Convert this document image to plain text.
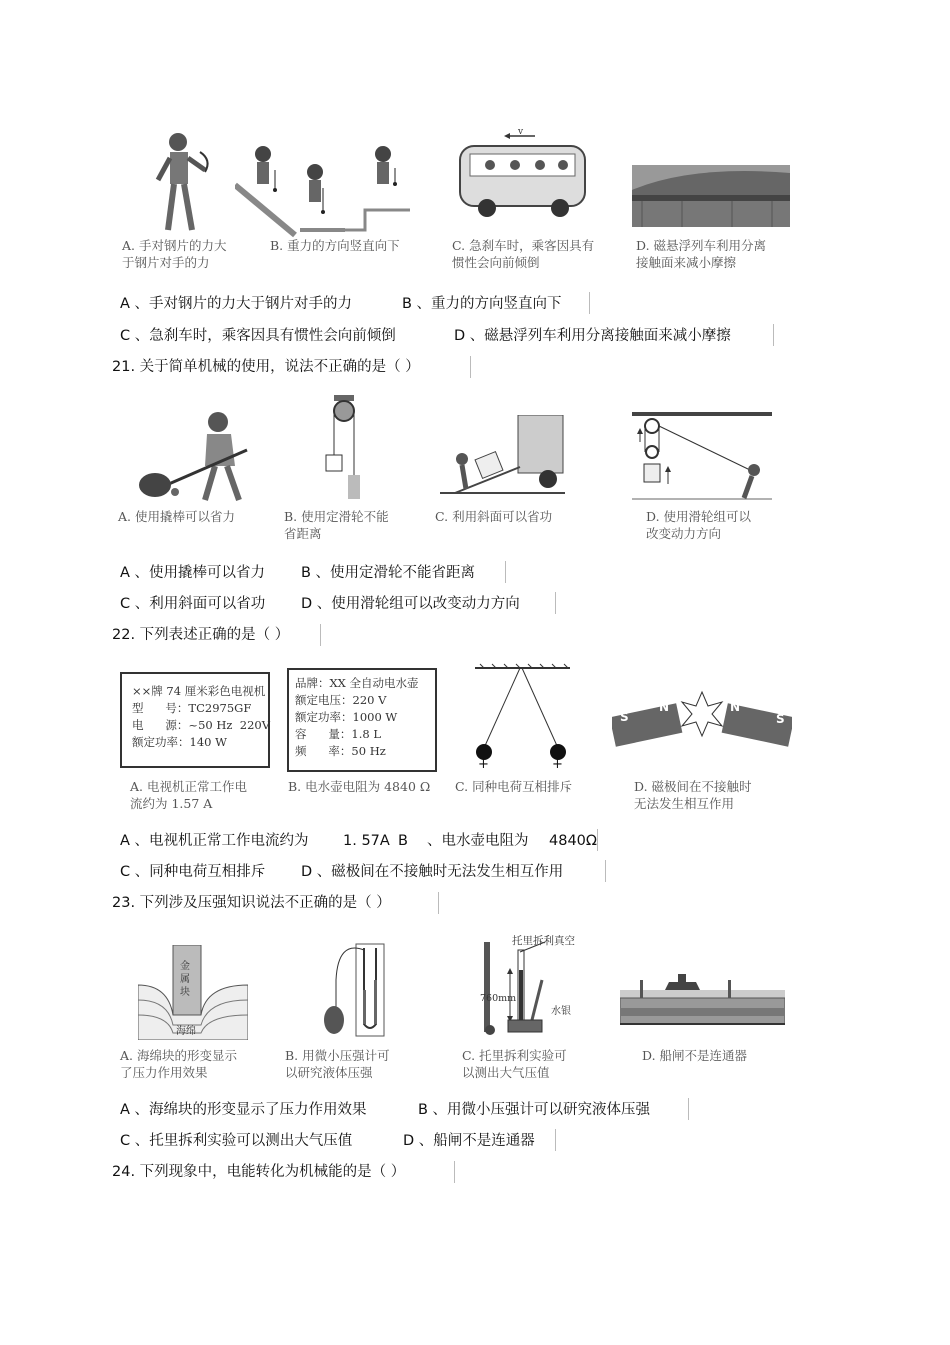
A. 手对钢片的力大
于钢片对手的力
B. 重力的方向竖直向下
v
C. 急刹车时，乘客因具有
惯性会向前倾倒
D. 磁悬浮列车利用分离
接触面来减小摩擦
A 、手对钢片的力大于钢片对手的力	B 、重力的方向竖直向下
C 、急刹车时，乘客因具有惯性会向前倾倒	D 、磁悬浮列车利用分离接触面来减小摩擦
21. 关于简单机械的使用，说法不正确的是（ ）
A. 使用撬棒可以省力	B. 使用定滑轮不能
省距离
C. 利用斜面可以省功	D. 使用滑轮组可以
改变动力方向
A 、使用撬棒可以省力 B 、使用定滑轮不能省距离
C 、利用斜面可以省功 D 、使用滑轮组可以改变动力方向
22. 下列表述正确的是（ ）
××牌 74 厘米彩色电视机
型      号：TC2975GF
电      源：~50 Hz  220V
额定功率：140 W
A. 电视机正常工作电
流约为 1.57 A
品牌：XX 全自动电水壶
额定电压：220 V
额定功率：1000 W
容      量：1.8 L
频      率：50 Hz
B. 电水壶电阻为 4840 Ω
+	+
C. 同种电荷互相排斥
S
N	N
S
D. 磁极间在不接触时
无法发生相互作用
A 、电视机正常工作电流约为 1. 57A B 、电水壶电阻为 4840Ω
C 、同种电荷互相排斥 D 、磁极间在不接触时无法发生相互作用
23. 下列涉及压强知识说法不正确的是（ ）
金
属
块
海绵
A. 海绵块的形变显示
了压力作用效果
B. 用微小压强计可
以研究液体压强
托里拆利真空
760mm
水银
C. 托里拆利实验可
以测出大气压值
D. 船闸不是连通器
A 、海绵块的形变显示了压力作用效果	B 、用微小压强计可以研究液体压强
C 、托里拆利实验可以测出大气压值	D 、船闸不是连通器
24. 下列现象中，电能转化为机械能的是（ ）
